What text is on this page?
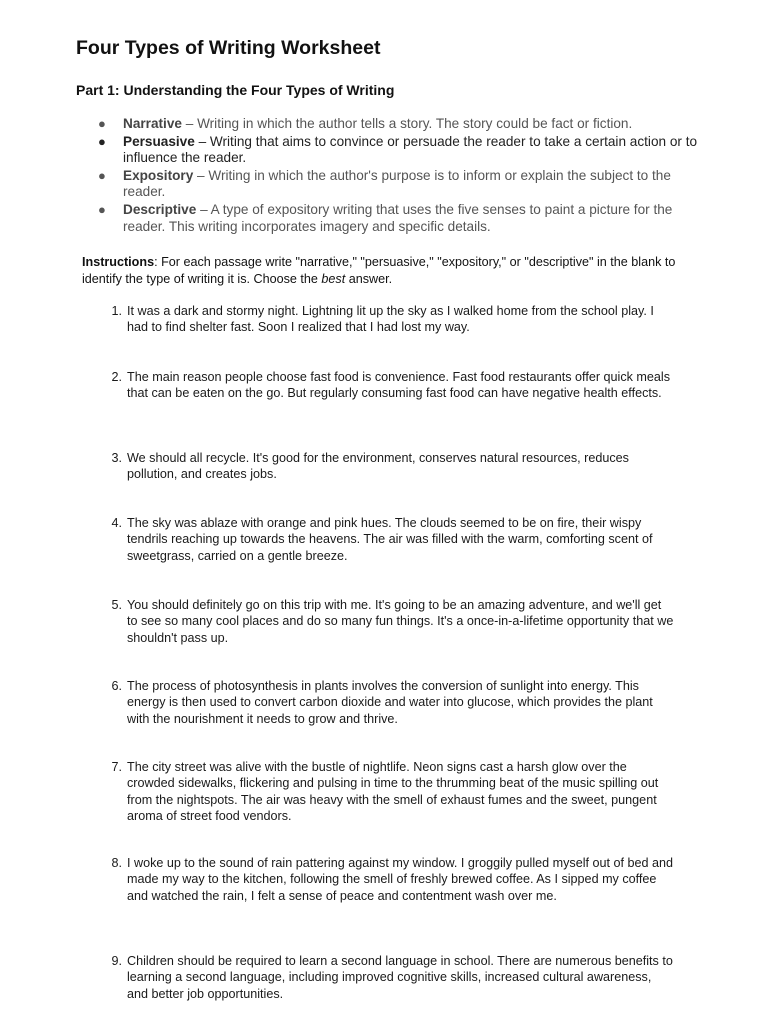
Four Types of Writing Worksheet
Part 1: Understanding the Four Types of Writing
● Narrative – Writing in which the author tells a story. The story could be fact or fiction.
● Persuasive – Writing that aims to convince or persuade the reader to take a certain action or to influence the reader.
● Expository – Writing in which the author's purpose is to inform or explain the subject to the reader.
● Descriptive – A type of expository writing that uses the five senses to paint a picture for the reader. This writing incorporates imagery and specific details.
Instructions: For each passage write "narrative," "persuasive," "expository," or "descriptive" in the blank to identify the type of writing it is. Choose the best answer.
1. It was a dark and stormy night. Lightning lit up the sky as I walked home from the school play. I had to find shelter fast. Soon I realized that I had lost my way.
2. The main reason people choose fast food is convenience. Fast food restaurants offer quick meals that can be eaten on the go. But regularly consuming fast food can have negative health effects.
3. We should all recycle. It's good for the environment, conserves natural resources, reduces pollution, and creates jobs.
4. The sky was ablaze with orange and pink hues. The clouds seemed to be on fire, their wispy tendrils reaching up towards the heavens. The air was filled with the warm, comforting scent of sweetgrass, carried on a gentle breeze.
5. You should definitely go on this trip with me. It's going to be an amazing adventure, and we'll get to see so many cool places and do so many fun things. It's a once-in-a-lifetime opportunity that we shouldn't pass up.
6. The process of photosynthesis in plants involves the conversion of sunlight into energy. This energy is then used to convert carbon dioxide and water into glucose, which provides the plant with the nourishment it needs to grow and thrive.
7. The city street was alive with the bustle of nightlife. Neon signs cast a harsh glow over the crowded sidewalks, flickering and pulsing in time to the thrumming beat of the music spilling out from the nightspots. The air was heavy with the smell of exhaust fumes and the sweet, pungent aroma of street food vendors.
8. I woke up to the sound of rain pattering against my window. I groggily pulled myself out of bed and made my way to the kitchen, following the smell of freshly brewed coffee. As I sipped my coffee and watched the rain, I felt a sense of peace and contentment wash over me.
9. Children should be required to learn a second language in school. There are numerous benefits to learning a second language, including improved cognitive skills, increased cultural awareness, and better job opportunities.
